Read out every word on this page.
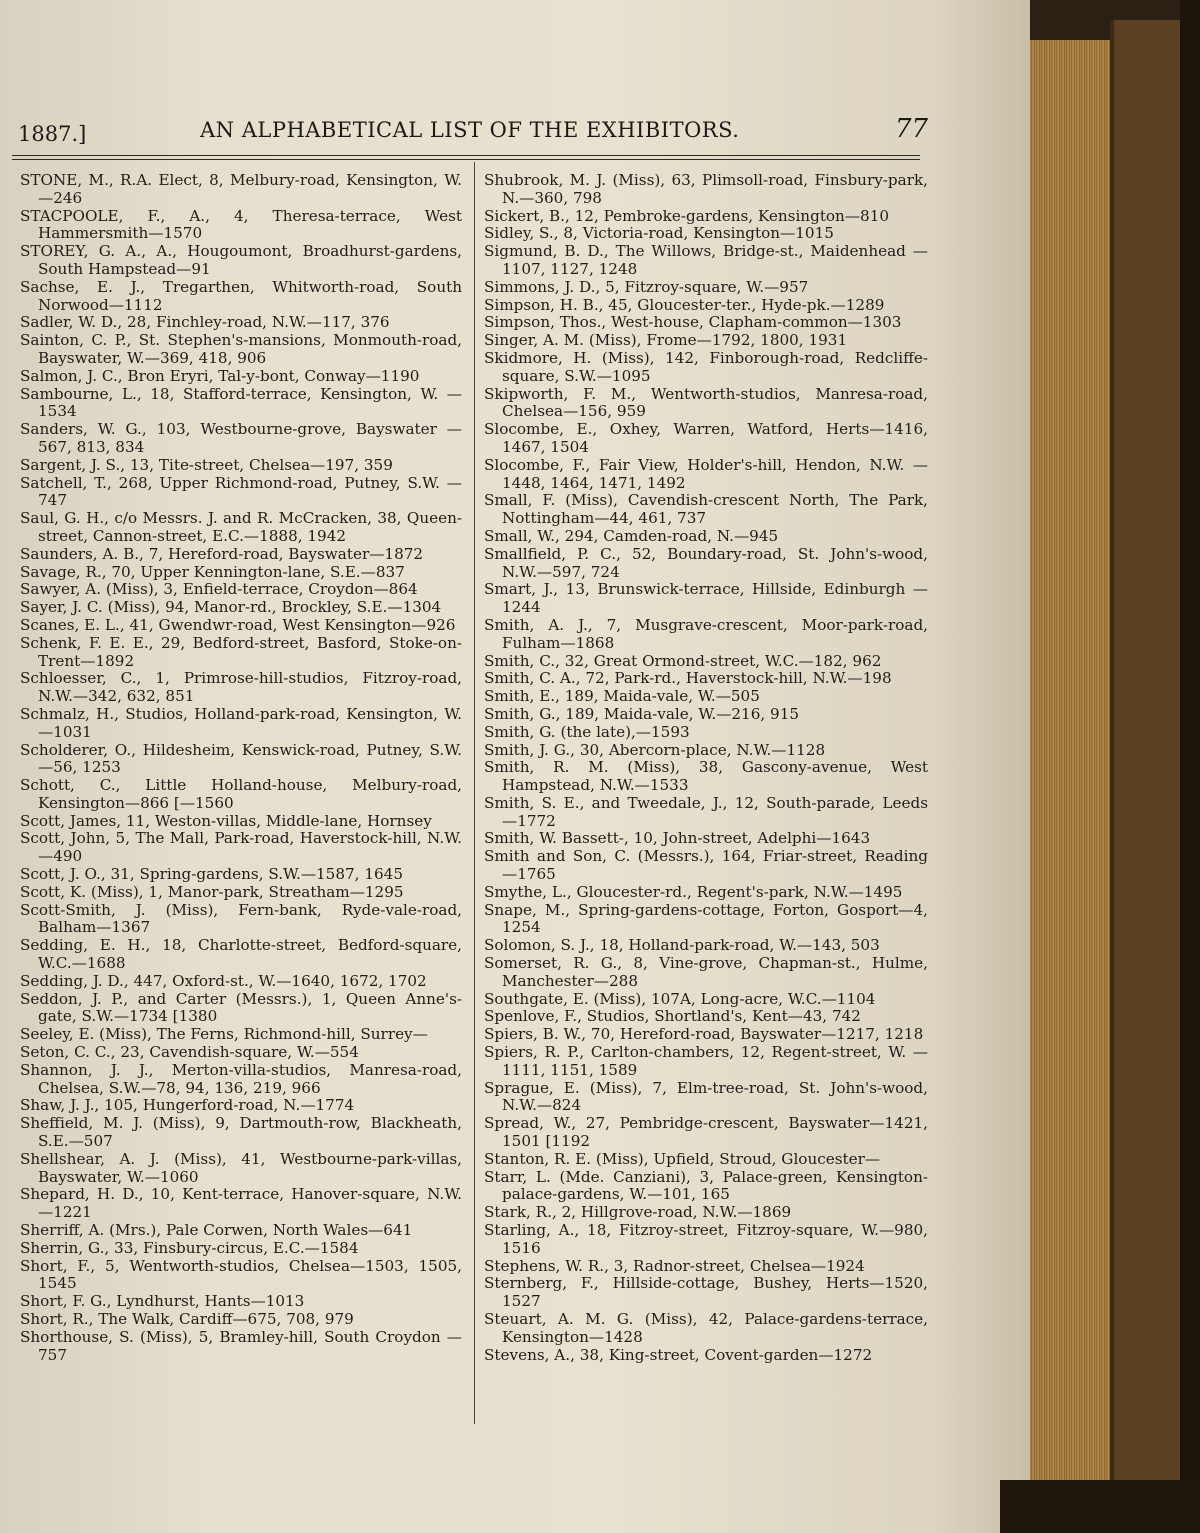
1887.]	AN ALPHABETICAL LIST OF THE EXHIBITORS.	77

STONE, M., R.A. Elect, 8, Melbury-road, Kensington, W.—246

STACPOOLE, F., A., 4, Theresa-terrace, West Hammersmith—1570

STOREY, G. A., A., Hougoumont, Broadhurst-gardens, South Hampstead—91

Sachse, E. J., Tregarthen, Whitworth-road, South Norwood—1112

Sadler, W. D., 28, Finchley-road, N.W.—117, 376

Sainton, C. P., St. Stephen's-mansions, Monmouth-road, Bayswater, W.—369, 418, 906

Salmon, J. C., Bron Eryri, Tal-y-bont, Conway—1190

Sambourne, L., 18, Stafford-terrace, Kensington, W. —1534

Sanders, W. G., 103, Westbourne-grove, Bayswater —567, 813, 834

Sargent, J. S., 13, Tite-street, Chelsea—197, 359

Satchell, T., 268, Upper Richmond-road, Putney, S.W. —747

Saul, G. H., c/o Messrs. J. and R. McCracken, 38, Queen-street, Cannon-street, E.C.—1888, 1942

Saunders, A. B., 7, Hereford-road, Bayswater—1872

Savage, R., 70, Upper Kennington-lane, S.E.—837

Sawyer, A. (Miss), 3, Enfield-terrace, Croydon—864

Sayer, J. C. (Miss), 94, Manor-rd., Brockley, S.E.—1304

Scanes, E. L., 41, Gwendwr-road, West Kensington—926

Schenk, F. E. E., 29, Bedford-street, Basford, Stoke-on-Trent—1892

Schloesser, C., 1, Primrose-hill-studios, Fitzroy-road, N.W.—342, 632, 851

Schmalz, H., Studios, Holland-park-road, Kensington, W.—1031

Scholderer, O., Hildesheim, Kenswick-road, Putney, S.W.—56, 1253

Schott, C., Little Holland-house, Melbury-road, Kensington—866 [—1560

Scott, James, 11, Weston-villas, Middle-lane, Hornsey

Scott, John, 5, The Mall, Park-road, Haverstock-hill, N.W.—490

Scott, J. O., 31, Spring-gardens, S.W.—1587, 1645

Scott, K. (Miss), 1, Manor-park, Streatham—1295

Scott-Smith, J. (Miss), Fern-bank, Ryde-vale-road, Balham—1367

Sedding, E. H., 18, Charlotte-street, Bedford-square, W.C.—1688

Sedding, J. D., 447, Oxford-st., W.—1640, 1672, 1702

Seddon, J. P., and Carter (Messrs.), 1, Queen Anne's-gate, S.W.—1734 [1380

Seeley, E. (Miss), The Ferns, Richmond-hill, Surrey—

Seton, C. C., 23, Cavendish-square, W.—554

Shannon, J. J., Merton-villa-studios, Manresa-road, Chelsea, S.W.—78, 94, 136, 219, 966

Shaw, J. J., 105, Hungerford-road, N.—1774

Sheffield, M. J. (Miss), 9, Dartmouth-row, Blackheath, S.E.—507

Shellshear, A. J. (Miss), 41, Westbourne-park-villas, Bayswater, W.—1060

Shepard, H. D., 10, Kent-terrace, Hanover-square, N.W.—1221

Sherriff, A. (Mrs.), Pale Corwen, North Wales—641

Sherrin, G., 33, Finsbury-circus, E.C.—1584

Short, F., 5, Wentworth-studios, Chelsea—1503, 1505, 1545

Short, F. G., Lyndhurst, Hants—1013

Short, R., The Walk, Cardiff—675, 708, 979

Shorthouse, S. (Miss), 5, Bramley-hill, South Croydon —757

Shubrook, M. J. (Miss), 63, Plimsoll-road, Finsbury-park, N.—360, 798

Sickert, B., 12, Pembroke-gardens, Kensington—810

Sidley, S., 8, Victoria-road, Kensington—1015

Sigmund, B. D., The Willows, Bridge-st., Maidenhead —1107, 1127, 1248

Simmons, J. D., 5, Fitzroy-square, W.—957

Simpson, H. B., 45, Gloucester-ter., Hyde-pk.—1289

Simpson, Thos., West-house, Clapham-common—1303

Singer, A. M. (Miss), Frome—1792, 1800, 1931

Skidmore, H. (Miss), 142, Finborough-road, Redcliffe-square, S.W.—1095

Skipworth, F. M., Wentworth-studios, Manresa-road, Chelsea—156, 959

Slocombe, E., Oxhey, Warren, Watford, Herts—1416, 1467, 1504

Slocombe, F., Fair View, Holder's-hill, Hendon, N.W. —1448, 1464, 1471, 1492

Small, F. (Miss), Cavendish-crescent North, The Park, Nottingham—44, 461, 737

Small, W., 294, Camden-road, N.—945

Smallfield, P. C., 52, Boundary-road, St. John's-wood, N.W.—597, 724

Smart, J., 13, Brunswick-terrace, Hillside, Edinburgh —1244

Smith, A. J., 7, Musgrave-crescent, Moor-park-road, Fulham—1868

Smith, C., 32, Great Ormond-street, W.C.—182, 962

Smith, C. A., 72, Park-rd., Haverstock-hill, N.W.—198

Smith, E., 189, Maida-vale, W.—505

Smith, G., 189, Maida-vale, W.—216, 915

Smith, G. (the late),—1593

Smith, J. G., 30, Abercorn-place, N.W.—1128

Smith, R. M. (Miss), 38, Gascony-avenue, West Hampstead, N.W.—1533

Smith, S. E., and Tweedale, J., 12, South-parade, Leeds —1772

Smith, W. Bassett-, 10, John-street, Adelphi—1643

Smith and Son, C. (Messrs.), 164, Friar-street, Reading —1765

Smythe, L., Gloucester-rd., Regent's-park, N.W.—1495

Snape, M., Spring-gardens-cottage, Forton, Gosport—4, 1254

Solomon, S. J., 18, Holland-park-road, W.—143, 503

Somerset, R. G., 8, Vine-grove, Chapman-st., Hulme, Manchester—288

Southgate, E. (Miss), 107A, Long-acre, W.C.—1104

Spenlove, F., Studios, Shortland's, Kent—43, 742

Spiers, B. W., 70, Hereford-road, Bayswater—1217, 1218

Spiers, R. P., Carlton-chambers, 12, Regent-street, W. —1111, 1151, 1589

Sprague, E. (Miss), 7, Elm-tree-road, St. John's-wood, N.W.—824

Spread, W., 27, Pembridge-crescent, Bayswater—1421, 1501 [1192

Stanton, R. E. (Miss), Upfield, Stroud, Gloucester—

Starr, L. (Mde. Canziani), 3, Palace-green, Kensington-palace-gardens, W.—101, 165

Stark, R., 2, Hillgrove-road, N.W.—1869

Starling, A., 18, Fitzroy-street, Fitzroy-square, W.—980, 1516

Stephens, W. R., 3, Radnor-street, Chelsea—1924

Sternberg, F., Hillside-cottage, Bushey, Herts—1520, 1527

Steuart, A. M. G. (Miss), 42, Palace-gardens-terrace, Kensington—1428

Stevens, A., 38, King-street, Covent-garden—1272
